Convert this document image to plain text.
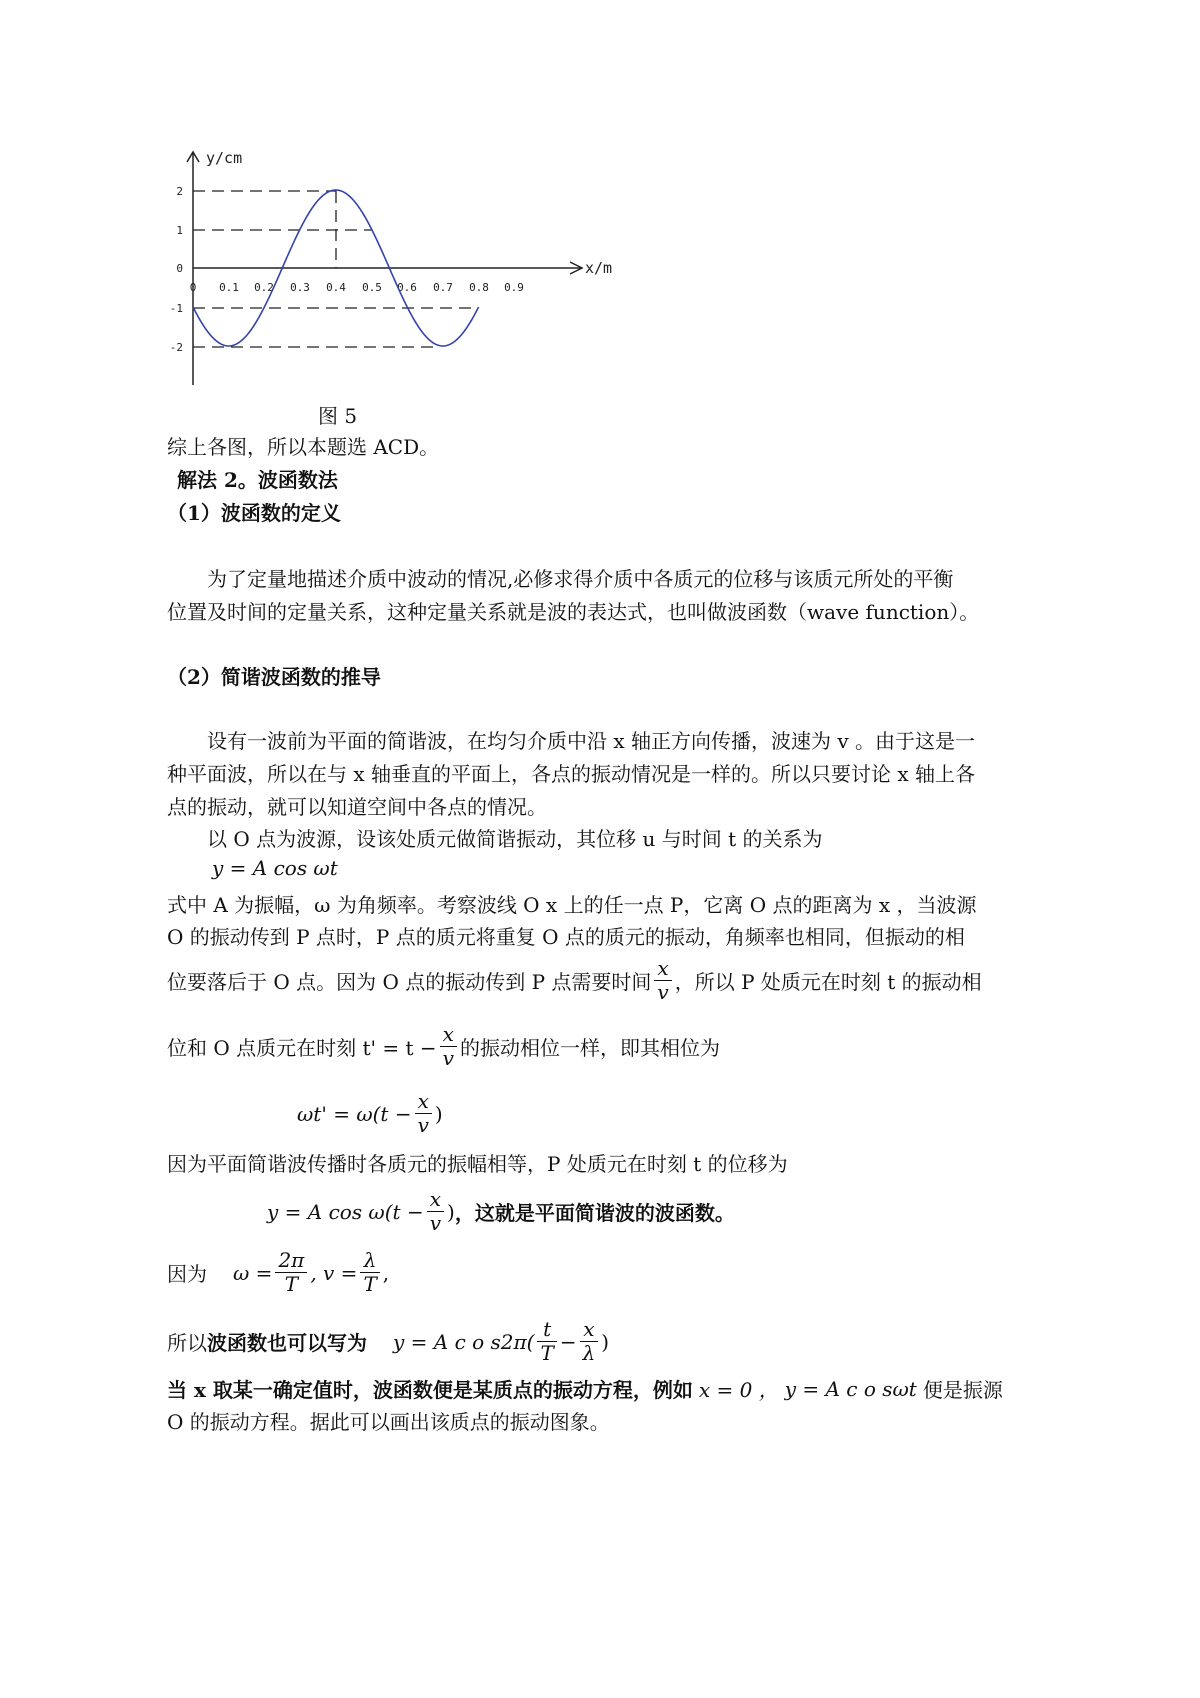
2
1
0
-1
-2
0 0.1 0.2 0.3 0.4 0.5 0.6 0.7 0.8 0.9
y/cm
x/m
图 5
综上各图，所以本题选 ACD。
解法 2。波函数法
（1）波函数的定义
为了定量地描述介质中波动的情况,必修求得介质中各质元的位移与该质元所处的平衡
位置及时间的定量关系，这种定量关系就是波的表达式，也叫做波函数（wave function）。
（2）简谐波函数的推导
设有一波前为平面的简谐波，在均匀介质中沿 x 轴正方向传播，波速为 v 。由于这是一
种平面波，所以在与 x 轴垂直的平面上，各点的振动情况是一样的。所以只要讨论 x 轴上各
点的振动，就可以知道空间中各点的情况。
以 O 点为波源，设该处质元做简谐振动，其位移 u 与时间 t 的关系为
y = A cos ωt
式中 A 为振幅，ω 为角频率。考察波线 O x 上的任一点 P，它离 O 点的距离为 x ，当波源
O 的振动传到 P 点时，P 点的质元将重复 O 点的质元的振动，角频率也相同，但振动的相
位要落后于 O 点。因为 O 点的振动传到 P 点需要时间 $\frac{x}{v}$ ，所以 P 处质元在时刻 t 的振动相
位和 O 点质元在时刻 $t' = t - \frac{x}{v}$ 的振动相位一样，即其相位为
$\omega t' = \omega(t - \frac{x}{v}$ )
因为平面简谐波传播时各质元的振幅相等，P 处质元在时刻 t 的位移为
y = A $\cos \omega(t - \frac{x}{v}$ ) ，这就是平面简谐波的波函数。
因为 $\omega = \frac{2\pi}{T}$ , $v = \frac{\lambda}{T}$ ,
所以 波函数也可以写为 y = A c o $s2\pi( \frac{t}{T} - \frac{x}{\lambda}$ )
当 x 取某一确定值时，波函数便是某质点的振动方程，例如 x = 0 ， y = A c o sωt 便是振源
O 的振动方程。据此可以画出该质点的振动图象。
